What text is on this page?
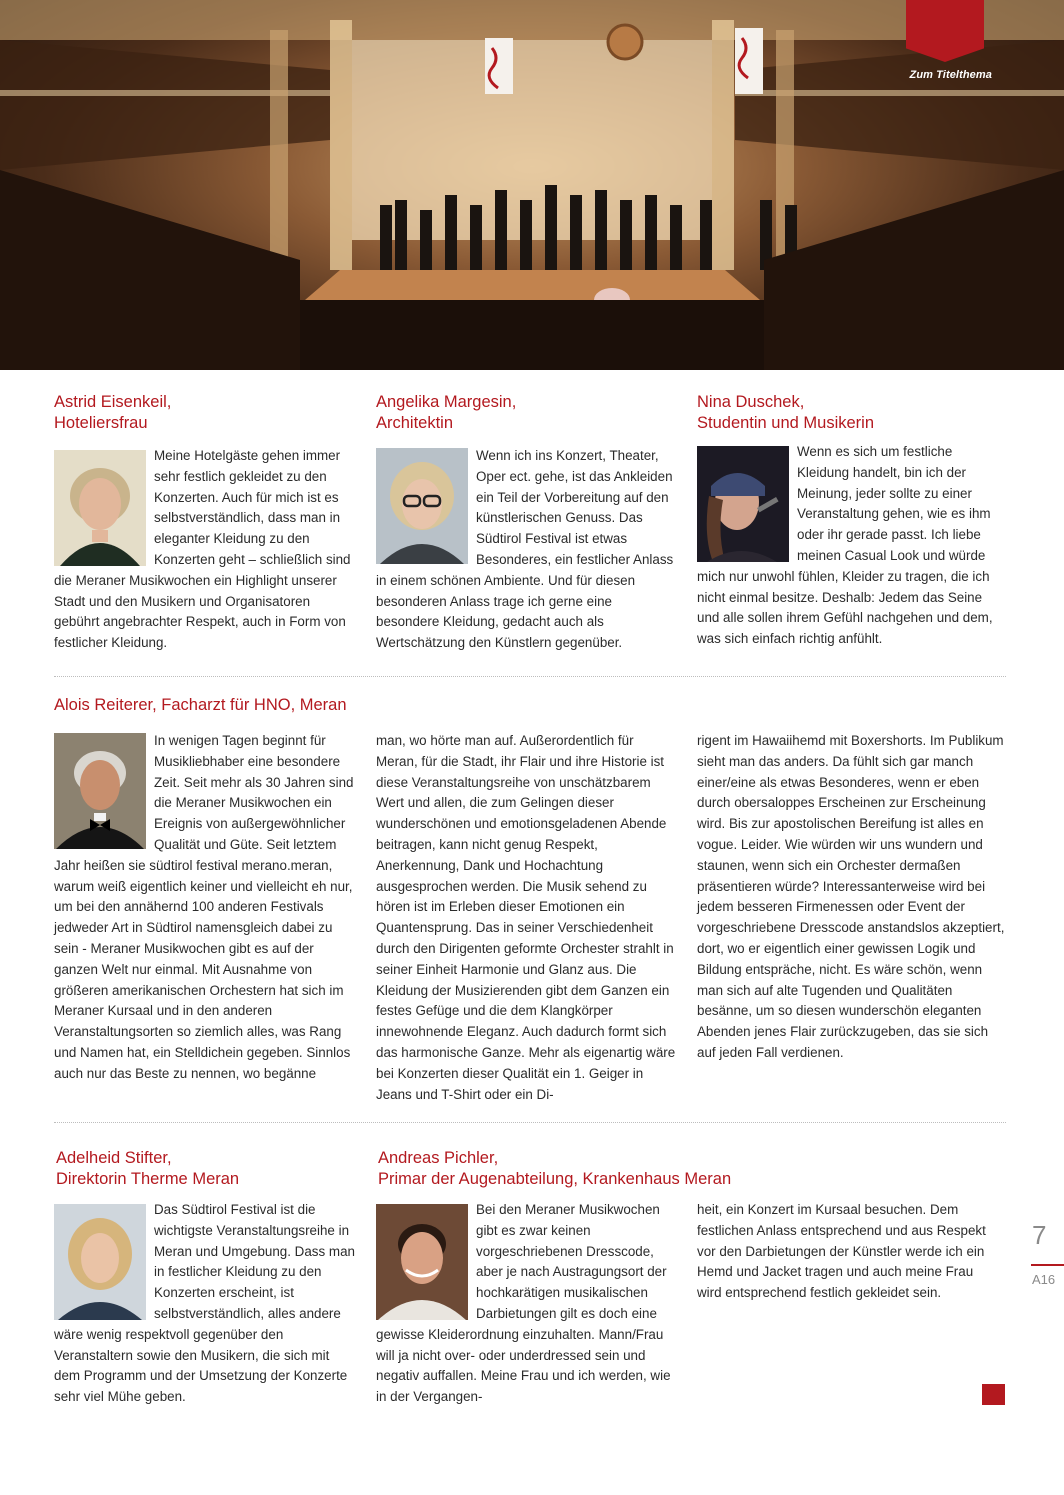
Zum Titelthema
Astrid Eisenkeil,
Hoteliersfrau

Meine Hotelgäste gehen immer sehr festlich gekleidet zu den Konzerten. Auch für mich ist es selbstverständlich, dass man in eleganter Kleidung zu den Konzerten geht – schließlich sind die Meraner Musikwochen ein Highlight unserer Stadt und den Musikern und Organisatoren gebührt angebrachter Respekt, auch in Form von festlicher Kleidung.

Angelika Margesin,
Architektin

Wenn ich ins Konzert, Theater, Oper ect. gehe, ist das Ankleiden ein Teil der Vorbereitung auf den künstlerischen Genuss. Das Südtirol Festival ist etwas Besonderes, ein festlicher Anlass in einem schönen Ambiente. Und für diesen besonderen Anlass trage ich gerne eine besondere Kleidung, gedacht auch als Wertschätzung den Künstlern gegenüber.

Nina Duschek,
Studentin und Musikerin

Wenn es sich um festliche Kleidung handelt, bin ich der Meinung, jeder sollte zu einer Veranstaltung gehen, wie es ihm oder ihr gerade passt. Ich liebe meinen Casual Look und würde mich nur unwohl fühlen, Kleider zu tragen, die ich nicht einmal besitze. Deshalb: Jedem das Seine und alle sollen ihrem Gefühl nachgehen und dem, was sich einfach richtig anfühlt.

Alois Reiterer, Facharzt für HNO, Meran

In wenigen Tagen beginnt für Musikliebhaber eine besondere Zeit. Seit mehr als 30 Jahren sind die Meraner Musikwochen ein Ereignis von außergewöhnlicher Qualität und Güte. Seit letztem Jahr heißen sie südtirol festival merano.meran, warum weiß eigentlich keiner und vielleicht eh nur, um bei den annähernd 100 anderen Festivals jedweder Art in Südtirol namensgleich dabei zu sein - Meraner Musikwochen gibt es auf der ganzen Welt nur einmal. Mit Ausnahme von größeren amerikanischen Orchestern hat sich im Meraner Kursaal und in den anderen Veranstaltungsorten so ziemlich alles, was Rang und Namen hat, ein Stelldichein gegeben. Sinnlos auch nur das Beste zu nennen, wo begänne

man, wo hörte man auf. Außerordentlich für Meran, für die Stadt, ihr Flair und ihre Historie ist diese Veranstaltungsreihe von unschätzbarem Wert und allen, die zum Gelingen dieser wunderschönen und emotionsgeladenen Abende beitragen, kann nicht genug Respekt, Anerkennung, Dank und Hochachtung ausgesprochen werden. Die Musik sehend zu hören ist im Erleben dieser Emotionen ein Quantensprung. Das in seiner Verschiedenheit durch den Dirigenten geformte Orchester strahlt in seiner Einheit Harmonie und Glanz aus. Die Kleidung der Musizierenden gibt dem Ganzen ein festes Gefüge und die dem Klangkörper innewohnende Eleganz. Auch dadurch formt sich das harmonische Ganze. Mehr als eigenartig wäre bei Konzerten dieser Qualität ein 1. Geiger in Jeans und T-Shirt oder ein Di-

rigent im Hawaiihemd mit Boxershorts. Im Publikum sieht man das anders. Da fühlt sich gar manch einer/eine als etwas Besonderes, wenn er eben durch obersaloppes Erscheinen zur Erscheinung wird. Bis zur apostolischen Bereifung ist alles en vogue. Leider. Wie würden wir uns wundern und staunen, wenn sich ein Orchester dermaßen präsentieren würde? Interessanterweise wird bei jedem besseren Firmenessen oder Event der vorgeschriebene Dresscode anstandslos akzeptiert, dort, wo er eigentlich einer gewissen Logik und Bildung entspräche, nicht. Es wäre schön, wenn man sich auf alte Tugenden und Qualitäten besänne, um so diesen wunderschön eleganten Abenden jenes Flair zurückzugeben, das sie sich auf jeden Fall verdienen.

Adelheid Stifter,
Direktorin Therme Meran

Das Südtirol Festival ist die wichtigste Veranstaltungsreihe in Meran und Umgebung. Dass man in festlicher Kleidung zu den Konzerten erscheint, ist selbstverständlich, alles andere wäre wenig respektvoll gegenüber den Veranstaltern sowie den Musikern, die sich mit dem Programm und der Umsetzung der Konzerte sehr viel Mühe geben.

Andreas Pichler,
Primar der Augenabteilung, Krankenhaus Meran

Bei den Meraner Musikwochen gibt es zwar keinen vorgeschriebenen Dresscode, aber je nach Austragungsort der hochkarätigen musikalischen Darbietungen gilt es doch eine gewisse Kleiderordnung einzuhalten. Mann/Frau will ja nicht over- oder underdressed sein und negativ auffallen. Meine Frau und ich werden, wie in der Vergangen-

heit, ein Konzert im Kursaal besuchen. Dem festlichen Anlass entsprechend und aus Respekt vor den Darbietungen der Künstler werde ich ein Hemd und Jacket tragen und auch meine Frau wird entsprechend festlich gekleidet sein.

7
A16
